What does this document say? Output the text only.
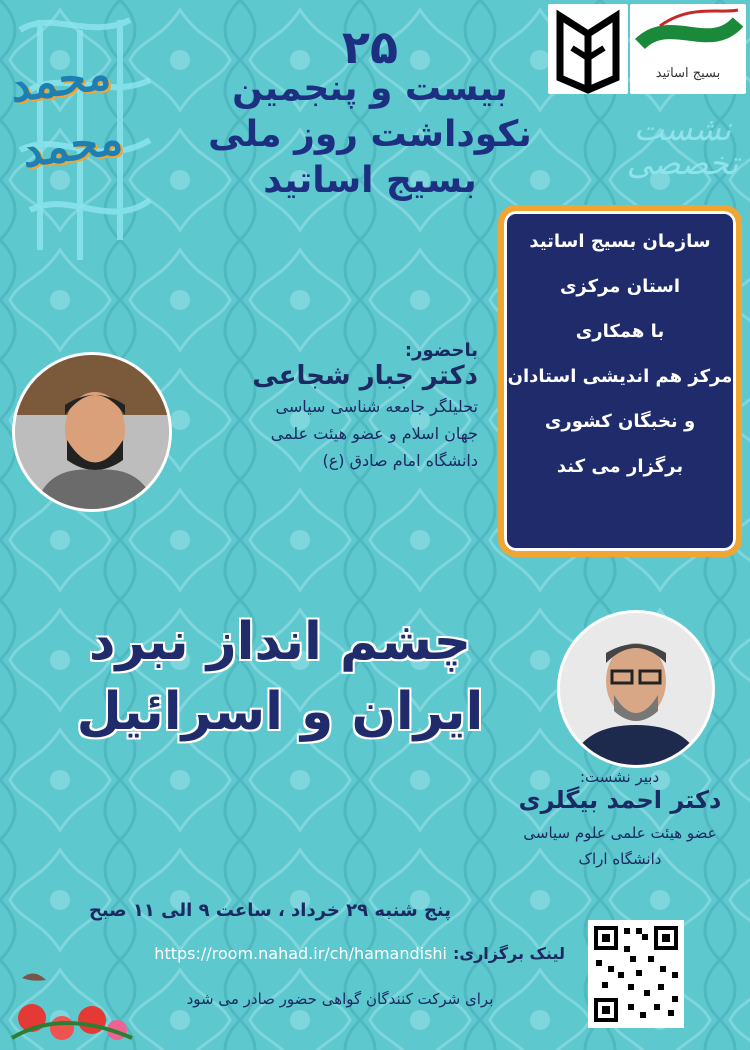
محمد
محمد
بسیج اساتید
نشست
تخصصی
۲۵
بیست و پنجمین
نکوداشت روز ملی
بسیج اساتید
سازمان بسیج اساتید
استان مرکزی
با همکاری
مرکز هم اندیشی استادان
و نخبگان کشوری
برگزار می کند
باحضور:
دکتر جبار شجاعی
تحلیلگر جامعه شناسی سیاسی
جهان اسلام و عضو هیئت علمی
دانشگاه امام صادق (ع)
چشم انداز نبرد
ایران و اسرائیل
دبیر نشست:
دکتر احمد بیگلری
عضو هیئت علمی علوم سیاسی
دانشگاه اراک
پنج شنبه ۲۹ خرداد ، ساعت ۹ الی ۱۱ صبح
https://room.nahad.ir/ch/hamandishi لینک برگزاری:
برای شرکت کنندگان گواهی حضور صادر می شود
